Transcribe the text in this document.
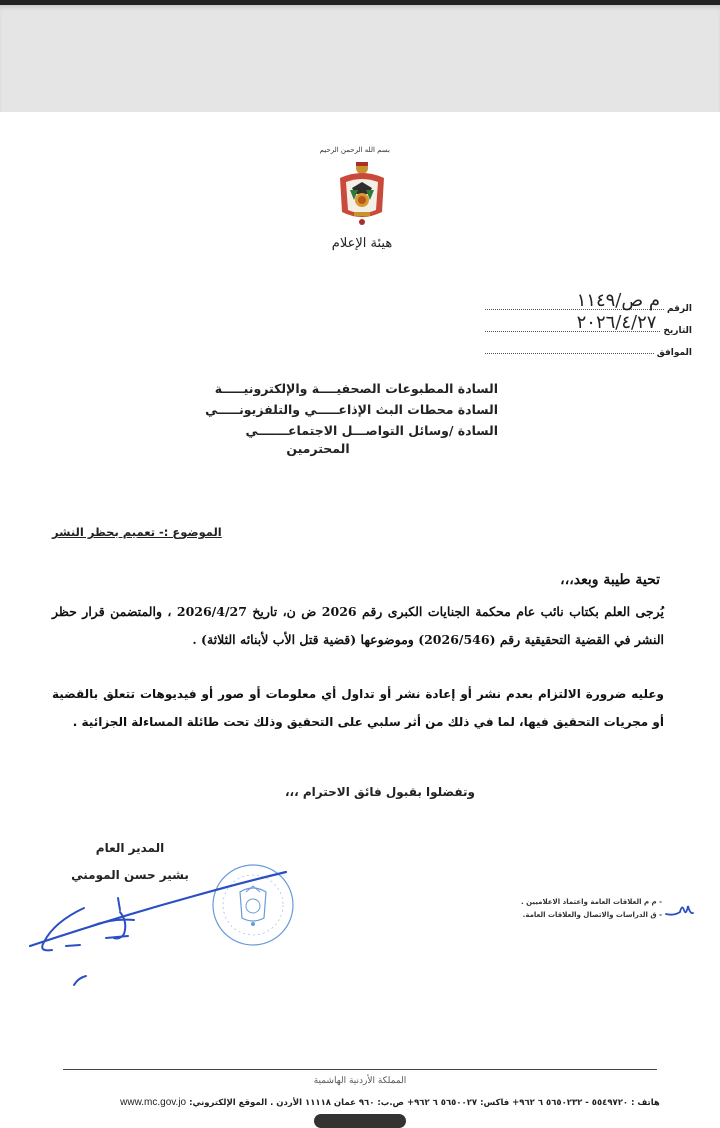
بسم الله الرحمن الرحيم
هيئة الإعلام
الرقم
م ص/١١٤٩
التاريخ
٢٠٢٦/٤/٢٧
الموافق
السادة المطبوعات الصحفيــــة والإلكترونيـــــة
السادة محطات البث الإذاعـــــي والتلفزيونـــــي
السادة /وسائل التواصـــل الاجتماعـــــــي
المحترمين
الموضوع :- تعميم بحظر النشر
تحية طيبة وبعد،،،
يُرجى العلم بكتاب نائب عام محكمة الجنايات الكبرى رقم 2026 ض ن، تاريخ 2026/4/27 ، والمتضمن قرار حظر النشر في القضية التحقيقية رقم (2026/546) وموضوعها (قضية قتل الأب لأبنائه الثلاثة) .
وعليه ضرورة الالتزام بعدم نشر أو إعادة نشر أو تداول أي معلومات أو صور أو فيديوهات تتعلق بالقضية أو مجريات التحقيق فيها، لما في ذلك من أثر سلبي على التحقيق وذلك تحت طائلة المساءلة الجزائية .
وتفضلوا بقبول فائق الاحترام ،،،
المدير العام
بشير حسن المومني
- م م العلاقات العامة واعتماد الاعلاميين .
- ق الدراسات والاتصال والعلاقات العامة.
المملكة الأردنية الهاشمية
www.mc.gov.jo هاتف : ٥٥٤٩٧٢٠ - ٥٦٥٠٢٣٢ ٦ ٩٦٢+ فاكس: ٥٦٥٠٠٢٧ ٦ ٩٦٢+ ص.ب: ٩٦٠ عمان ١١١١٨ الأردن . الموقع الإلكتروني:
